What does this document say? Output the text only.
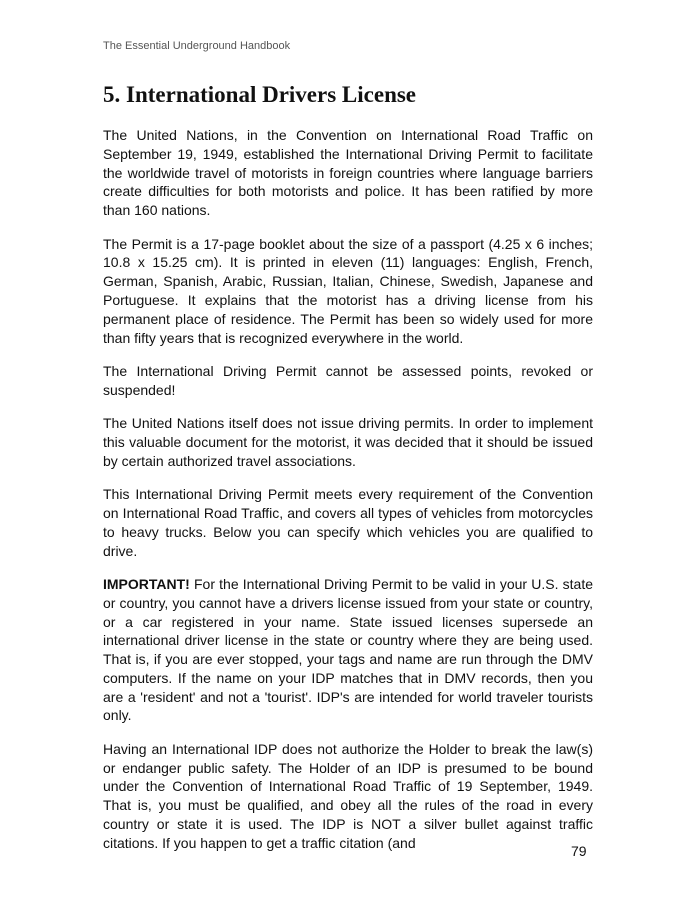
The Essential Underground Handbook
5. International Drivers License

The United Nations, in the Convention on International Road Traffic on September 19, 1949, established the International Driving Permit to facilitate the worldwide travel of motorists in foreign countries where language barriers create difficulties for both motorists and police. It has been ratified by more than 160 nations.

The Permit is a 17-page booklet about the size of a passport (4.25 x 6 inches; 10.8 x 15.25 cm). It is printed in eleven (11) languages: English, French, German, Spanish, Arabic, Russian, Italian, Chinese, Swedish, Japanese and Portuguese. It explains that the motorist has a driving license from his permanent place of residence. The Permit has been so widely used for more than fifty years that is recognized everywhere in the world.

The International Driving Permit cannot be assessed points, revoked or suspended!

The United Nations itself does not issue driving permits. In order to implement this valuable document for the motorist, it was decided that it should be issued by certain authorized travel associations.

This International Driving Permit meets every requirement of the Convention on International Road Traffic, and covers all types of vehicles from motorcycles to heavy trucks. Below you can specify which vehicles you are qualified to drive.

IMPORTANT! For the International Driving Permit to be valid in your U.S. state or country, you cannot have a drivers license issued from your state or country, or a car registered in your name. State issued licenses supersede an international driver license in the state or country where they are being used. That is, if you are ever stopped, your tags and name are run through the DMV computers. If the name on your IDP matches that in DMV records, then you are a 'resident' and not a 'tourist'. IDP's are intended for world traveler tourists only.

Having an International IDP does not authorize the Holder to break the law(s) or endanger public safety. The Holder of an IDP is presumed to be bound under the Convention of International Road Traffic of 19 September, 1949. That is, you must be qualified, and obey all the rules of the road in every country or state it is used. The IDP is NOT a silver bullet against traffic citations. If you happen to get a traffic citation (and

79
